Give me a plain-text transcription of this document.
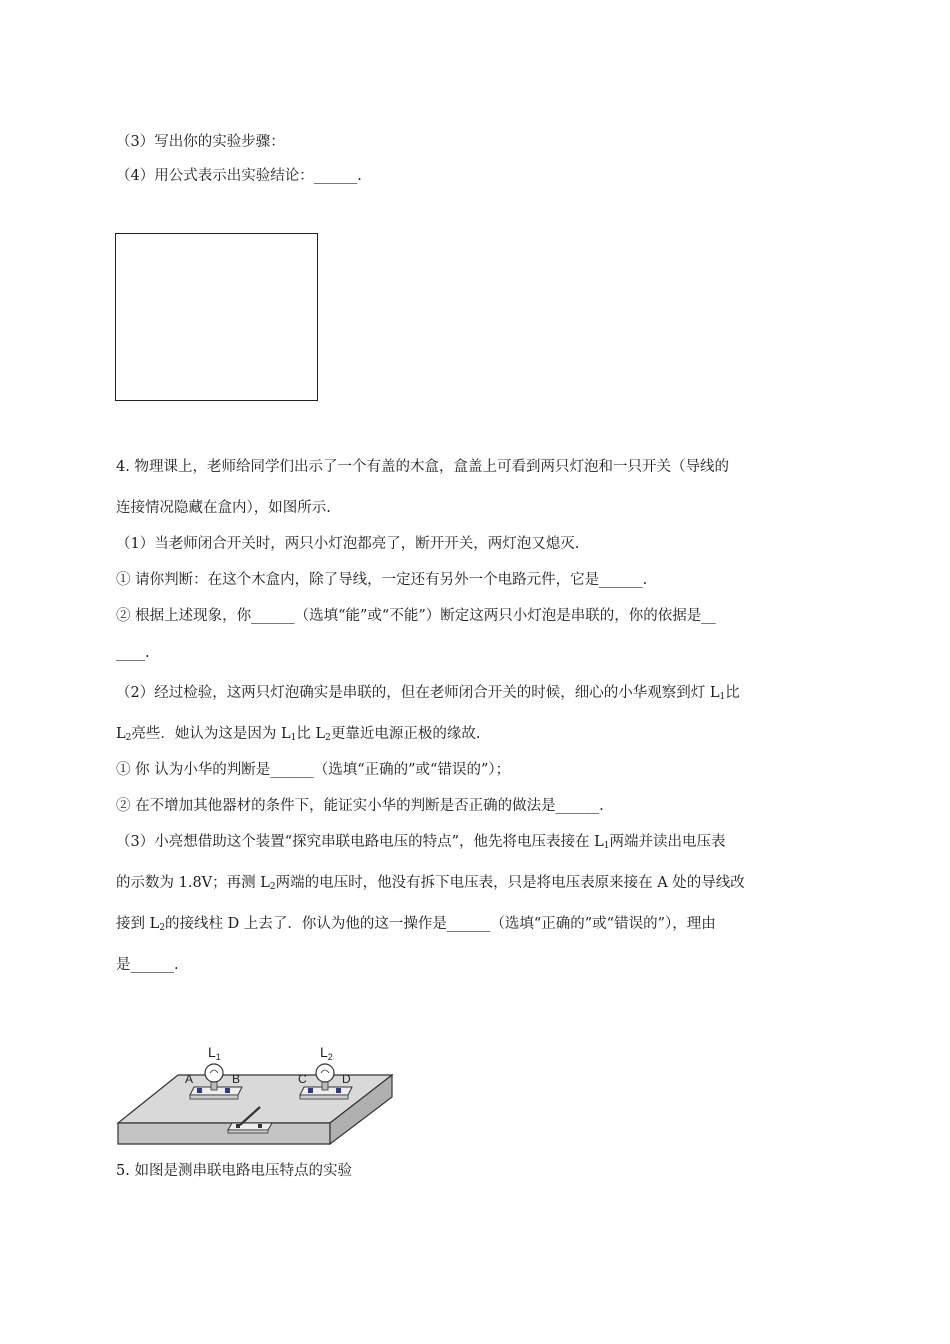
（3）写出你的实验步骤：
（4）用公式表示出实验结论：______.
4. 物理课上，老师给同学们出示了一个有盖的木盒，盒盖上可看到两只灯泡和一只开关（导线的
连接情况隐藏在盒内），如图所示.
（1）当老师闭合开关时，两只小灯泡都亮了，断开开关，两灯泡又熄灭.
① 请你判断：在这个木盒内，除了导线，一定还有另外一个电路元件，它是______.
② 根据上述现象，你______（选填“能”或“不能”）断定这两只小灯泡是串联的，你的依据是__
____.
（2）经过检验，这两只灯泡确实是串联的，但在老师闭合开关的时候，细心的小华观察到灯 $L_1$比
$L_2$亮些．她认为这是因为 $L_1$比 $L_2$更靠近电源正极的缘故.
① 你 认为小华的判断是______（选填“正确的”或“错误的”）；
② 在不增加其他器材的条件下，能证实小华的判断是否正确的做法是______.
（3）小亮想借助这个装置“探究串联电路电压的特点”，他先将电压表接在 $L_1$两端并读出电压表
的示数为 1.8V；再测 $L_2$两端的电压时，他没有拆下电压表，只是将电压表原来接在 A 处的导线改
接到 $L_2$的接线柱 D 上去了．你认为他的这一操作是______（选填“正确的”或“错误的”），理由
是______.
$L_1$	$L_2$
A	B	C	D
5. 如图是测串联电路电压特点的实验
